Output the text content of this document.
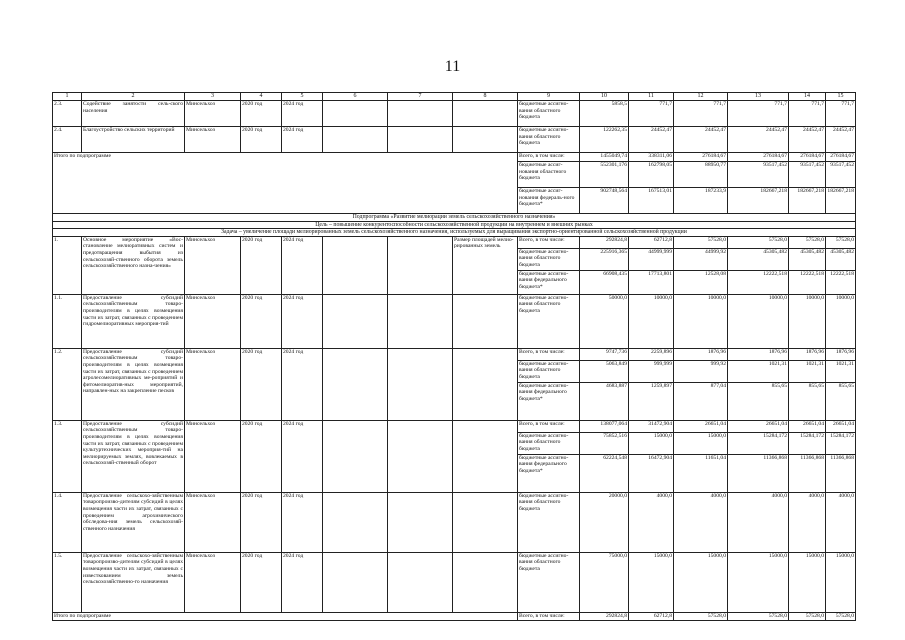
11
1	2	3	4	5	6	7	8	9	10	11	12	13	14	15
2.3.	Содействие занятости сель-ского населения	Минсельхоз	2020 год	2024 год				бюджетные ассигно-вания областного бюджета	5858,5	771,7	771,7	771,7	771,7	771,7
2.4.	Благоустройство сельских территорий	Минсельхоз	2020 год	2024 год				бюджетные ассигно-вания областного бюджета	122262,35	24452,47	24452,47	24452,47	24452,47	24452,47
Итого по подпрограмме								Всего, в том числе:	1455049,74	338311,06	276184,67	276184,67	276184,67	276184,67
								бюджетные ассиг-нования областного бюджета	552301,176	162798,05	88950,77	93517,452	93517,452	93517,452
								бюджетные ассиг-нования федераль-ного бюджета*	902748,564	167513,01	187233,9	182667,218	182667,218	182667,218
Подпрограмма «Развитие мелиорации земель сельскохозяйственного назначения»														
Цель – повышение конкурентоспособности сельскохозяйственной продукции на внутреннем и внешних рынках														
Задача – увеличение площади мелиорированных земель сельскохозяйственного назначения, используемых для выращивания экспортно-ориентированной сельскохозяйственной продукции														
1.	Основное мероприятие «Вос-становление мелиоративных систем и предотвращения выбытия из сельскохозяй-ственного оборота земель сельскохозяйственного назна-чения»	Минсельхоз	2020 год	2024 год			Размер площадей мелио-рированных земель	Всего, в том числе:	292824,8	62712,8	57528,0	57528,0	57528,0	57528,0
								бюджетные ассигно-вания областного бюджета	225916,365	44999,999	44999,92	45305,482	45305,482	45305,482
								бюджетные ассигно-вания федерального бюджета*	66908,435	17713,801	12528,08	12222,518	12222,518	12222,518
1.1.	Предоставление субсидий сельскохозяйственным товаро-производителям в целях возмещения части их затрат, связанных с проведением гидромелиоративных мероприя-тий	Минсельхоз	2020 год	2024 год				бюджетные ассигно-вания областного бюджета	50000,0	10000,0	10000,0	10000,0	10000,0	10000,0
1.2.	Предоставление субсидий сельскохозяйственным товаро-производителям в целях возмещения части их затрат, связанных с проведением агролесомелиоративных ме-роприятий и фитомелиоратив-ных мероприятий, направлен-ных на закрепление песков	Минсельхоз	2020 год	2024 год				Всего, в том числе:	9747,736	2259,896	1876,96	1876,96	1876,96	1876,96
								бюджетные ассигно-вания областного бюджета	5063,849	999,999	999,92	1021,31	1021,31	1021,31
								бюджетные ассигно-вания федерального бюджета*	4683,887	1259,897	877,04	855,65	855,65	855,65
1.3.	Предоставление субсидий сельскохозяйственным товаро-производителям в целях возмещения части их затрат, связанных с проведением культуртехнических мероприя-тий на мелиорируемых землях, вовлекаемых в сельскохозяй-ственный оборот	Минсельхоз	2020 год	2024 год				Всего, в том числе:	138077,064	31472,904	26651,04	26651,04	26651,04	26651,04
								бюджетные ассигно-вания областного бюджета	75852,516	15000,0	15000,0	15284,172	15284,172	15284,172
								бюджетные ассигно-вания федерального бюджета*	62224,548	16472,904	11651,04	11366,868	11366,868	11366,868
1.4.	Предоставление сельскохо-зяйственным товаропроизво-дителям субсидий в целях возмещения части их затрат, связанных с проведением агрохимического обследова-ния земель сельскохозяй-ственного назначения	Минсельхоз	2020 год	2024 год				бюджетные ассигно-вания областного бюджета	20000,0	4000,0	4000,0	4000,0	4000,0	4000,0
1.5.	Предоставление сельскохо-зяйственным товаропроизво-дителям субсидий в целях возмещения части их затрат, связанных с известкованием земель сельскохозяйственно-го назначения	Минсельхоз	2020 год	2024 год				бюджетные ассигно-вания областного бюджета	75000,0	15000,0	15000,0	15000,0	15000,0	15000,0
Итого по подпрограмме								Всего, в том числе:	292824,8	62712,8	57528,0	57528,0	57528,0	57528,0
